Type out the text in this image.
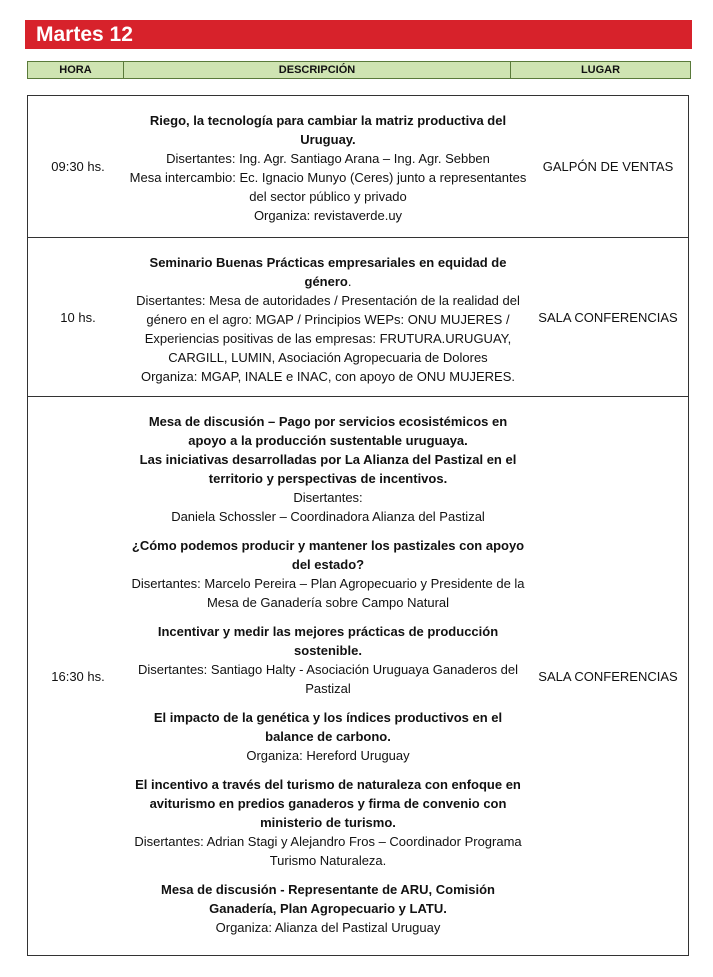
Martes 12
HORA	DESCRIPCIÓN	LUGAR
09:30 hs.

Riego, la tecnología para cambiar la matriz productiva del Uruguay.

Disertantes: Ing. Agr. Santiago Arana – Ing. Agr. Sebben

Mesa intercambio: Ec. Ignacio Munyo (Ceres) junto a representantes del sector público y privado

Organiza: revistaverde.uy

GALPÓN DE VENTAS
10 hs.

Seminario Buenas Prácticas empresariales en equidad de género.

Disertantes: Mesa de autoridades / Presentación de la realidad del género en el agro: MGAP / Principios WEPs: ONU MUJERES / Experiencias positivas de las empresas: FRUTURA.URUGUAY, CARGILL, LUMIN, Asociación Agropecuaria de Dolores

Organiza: MGAP, INALE e INAC, con apoyo de ONU MUJERES.

SALA CONFERENCIAS
16:30 hs.

Mesa de discusión – Pago por servicios ecosistémicos en apoyo a la producción sustentable uruguaya.

Las iniciativas desarrolladas por La Alianza del Pastizal en el territorio y perspectivas de incentivos.

Disertantes:

Daniela Schossler – Coordinadora Alianza del Pastizal

¿Cómo podemos producir y mantener los pastizales con apoyo del estado?

Disertantes: Marcelo Pereira – Plan Agropecuario y Presidente de la Mesa de Ganadería sobre Campo Natural

Incentivar y medir las mejores prácticas de producción sostenible.

Disertantes: Santiago Halty - Asociación Uruguaya Ganaderos del Pastizal

El impacto de la genética y los índices productivos en el balance de carbono.

Organiza: Hereford Uruguay

El incentivo a través del turismo de naturaleza con enfoque en aviturismo en predios ganaderos y firma de convenio con ministerio de turismo.

Disertantes: Adrian Stagi y Alejandro Fros – Coordinador Programa Turismo Naturaleza.

Mesa de discusión - Representante de ARU, Comisión Ganadería, Plan Agropecuario y LATU.

Organiza: Alianza del Pastizal Uruguay

SALA CONFERENCIAS
